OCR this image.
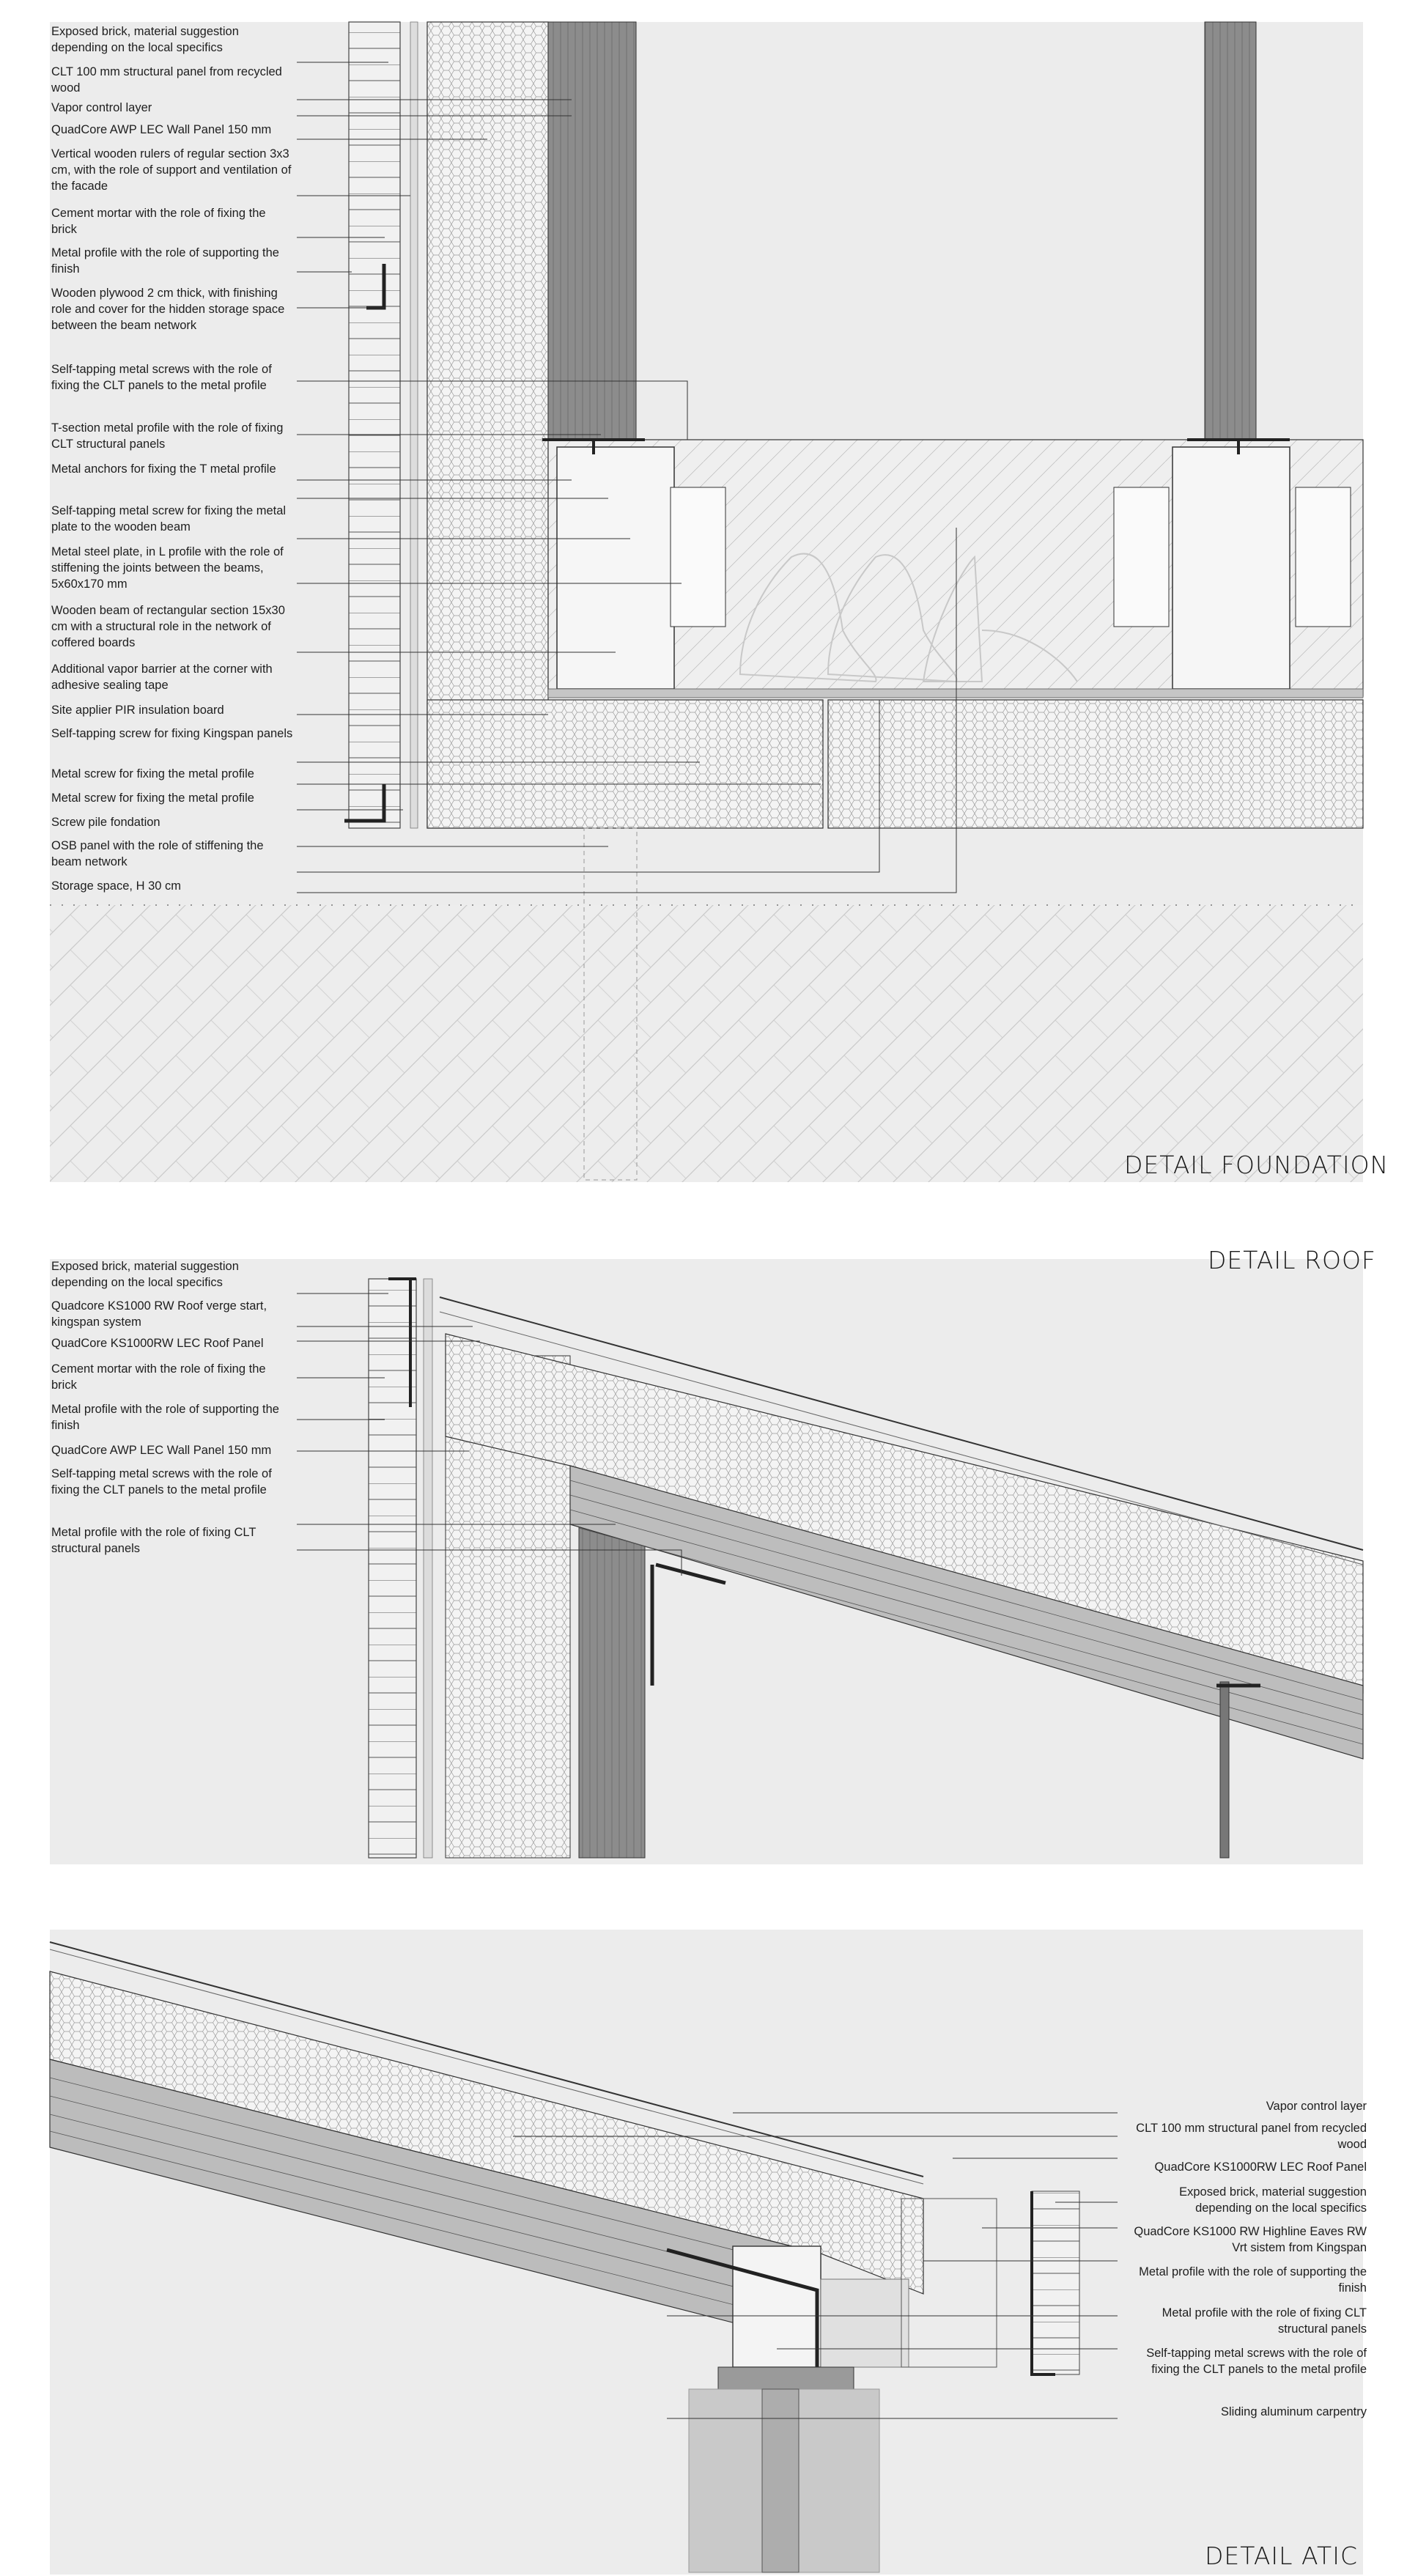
Exposed brick, material suggestion depending on the local specifics
CLT 100 mm structural panel from recycled wood
Vapor control layer
QuadCore AWP LEC Wall Panel 150 mm
Vertical wooden rulers of regular section 3x3 cm, with the role of support and ventilation of the facade
Cement mortar with the role of fixing the brick
Metal profile with the role of supporting the finish
Wooden plywood 2 cm thick, with finishing role and cover for the hidden storage space between the beam network
Self-tapping metal screws with the role of fixing the CLT panels to the metal profile
T-section metal profile with the role of fixing CLT structural panels
Metal anchors for fixing the T metal profile
Self-tapping metal screw for fixing the metal plate to the wooden beam
Metal steel plate, in L profile with the role of stiffening the joints between the beams, 5x60x170 mm
Wooden beam of rectangular section 15x30 cm with a structural role in the network of coffered boards
Additional vapor barrier at the corner with adhesive sealing tape
Site applier PIR insulation board
Self-tapping screw for fixing Kingspan panels
Metal screw for fixing the metal profile
Metal screw for fixing the metal profile
Screw pile fondation
OSB panel with the role of stiffening the beam network
Storage space, H 30 cm
DETAIL FOUNDATION
DETAIL ROOF
Exposed brick, material suggestion depending on the local specifics
Quadcore KS1000 RW Roof verge start, kingspan system
QuadCore KS1000RW LEC Roof Panel
Cement mortar with the role of fixing the brick
Metal profile with the role of supporting the finish
QuadCore AWP LEC Wall Panel 150 mm
Self-tapping metal screws with the role of fixing the CLT panels to the metal profile
Metal profile with the role of fixing CLT structural panels
Vapor control layer
CLT 100 mm structural panel from recycled wood
QuadCore KS1000RW LEC Roof Panel
Exposed brick, material suggestion depending on the local specifics
QuadCore KS1000 RW Highline Eaves RW Vrt sistem from Kingspan
Metal profile with the role of supporting the finish
Metal profile with the role of fixing CLT structural panels
Self-tapping metal screws with the role of fixing the CLT panels to the metal profile
Sliding aluminum carpentry
DETAIL ATIC
